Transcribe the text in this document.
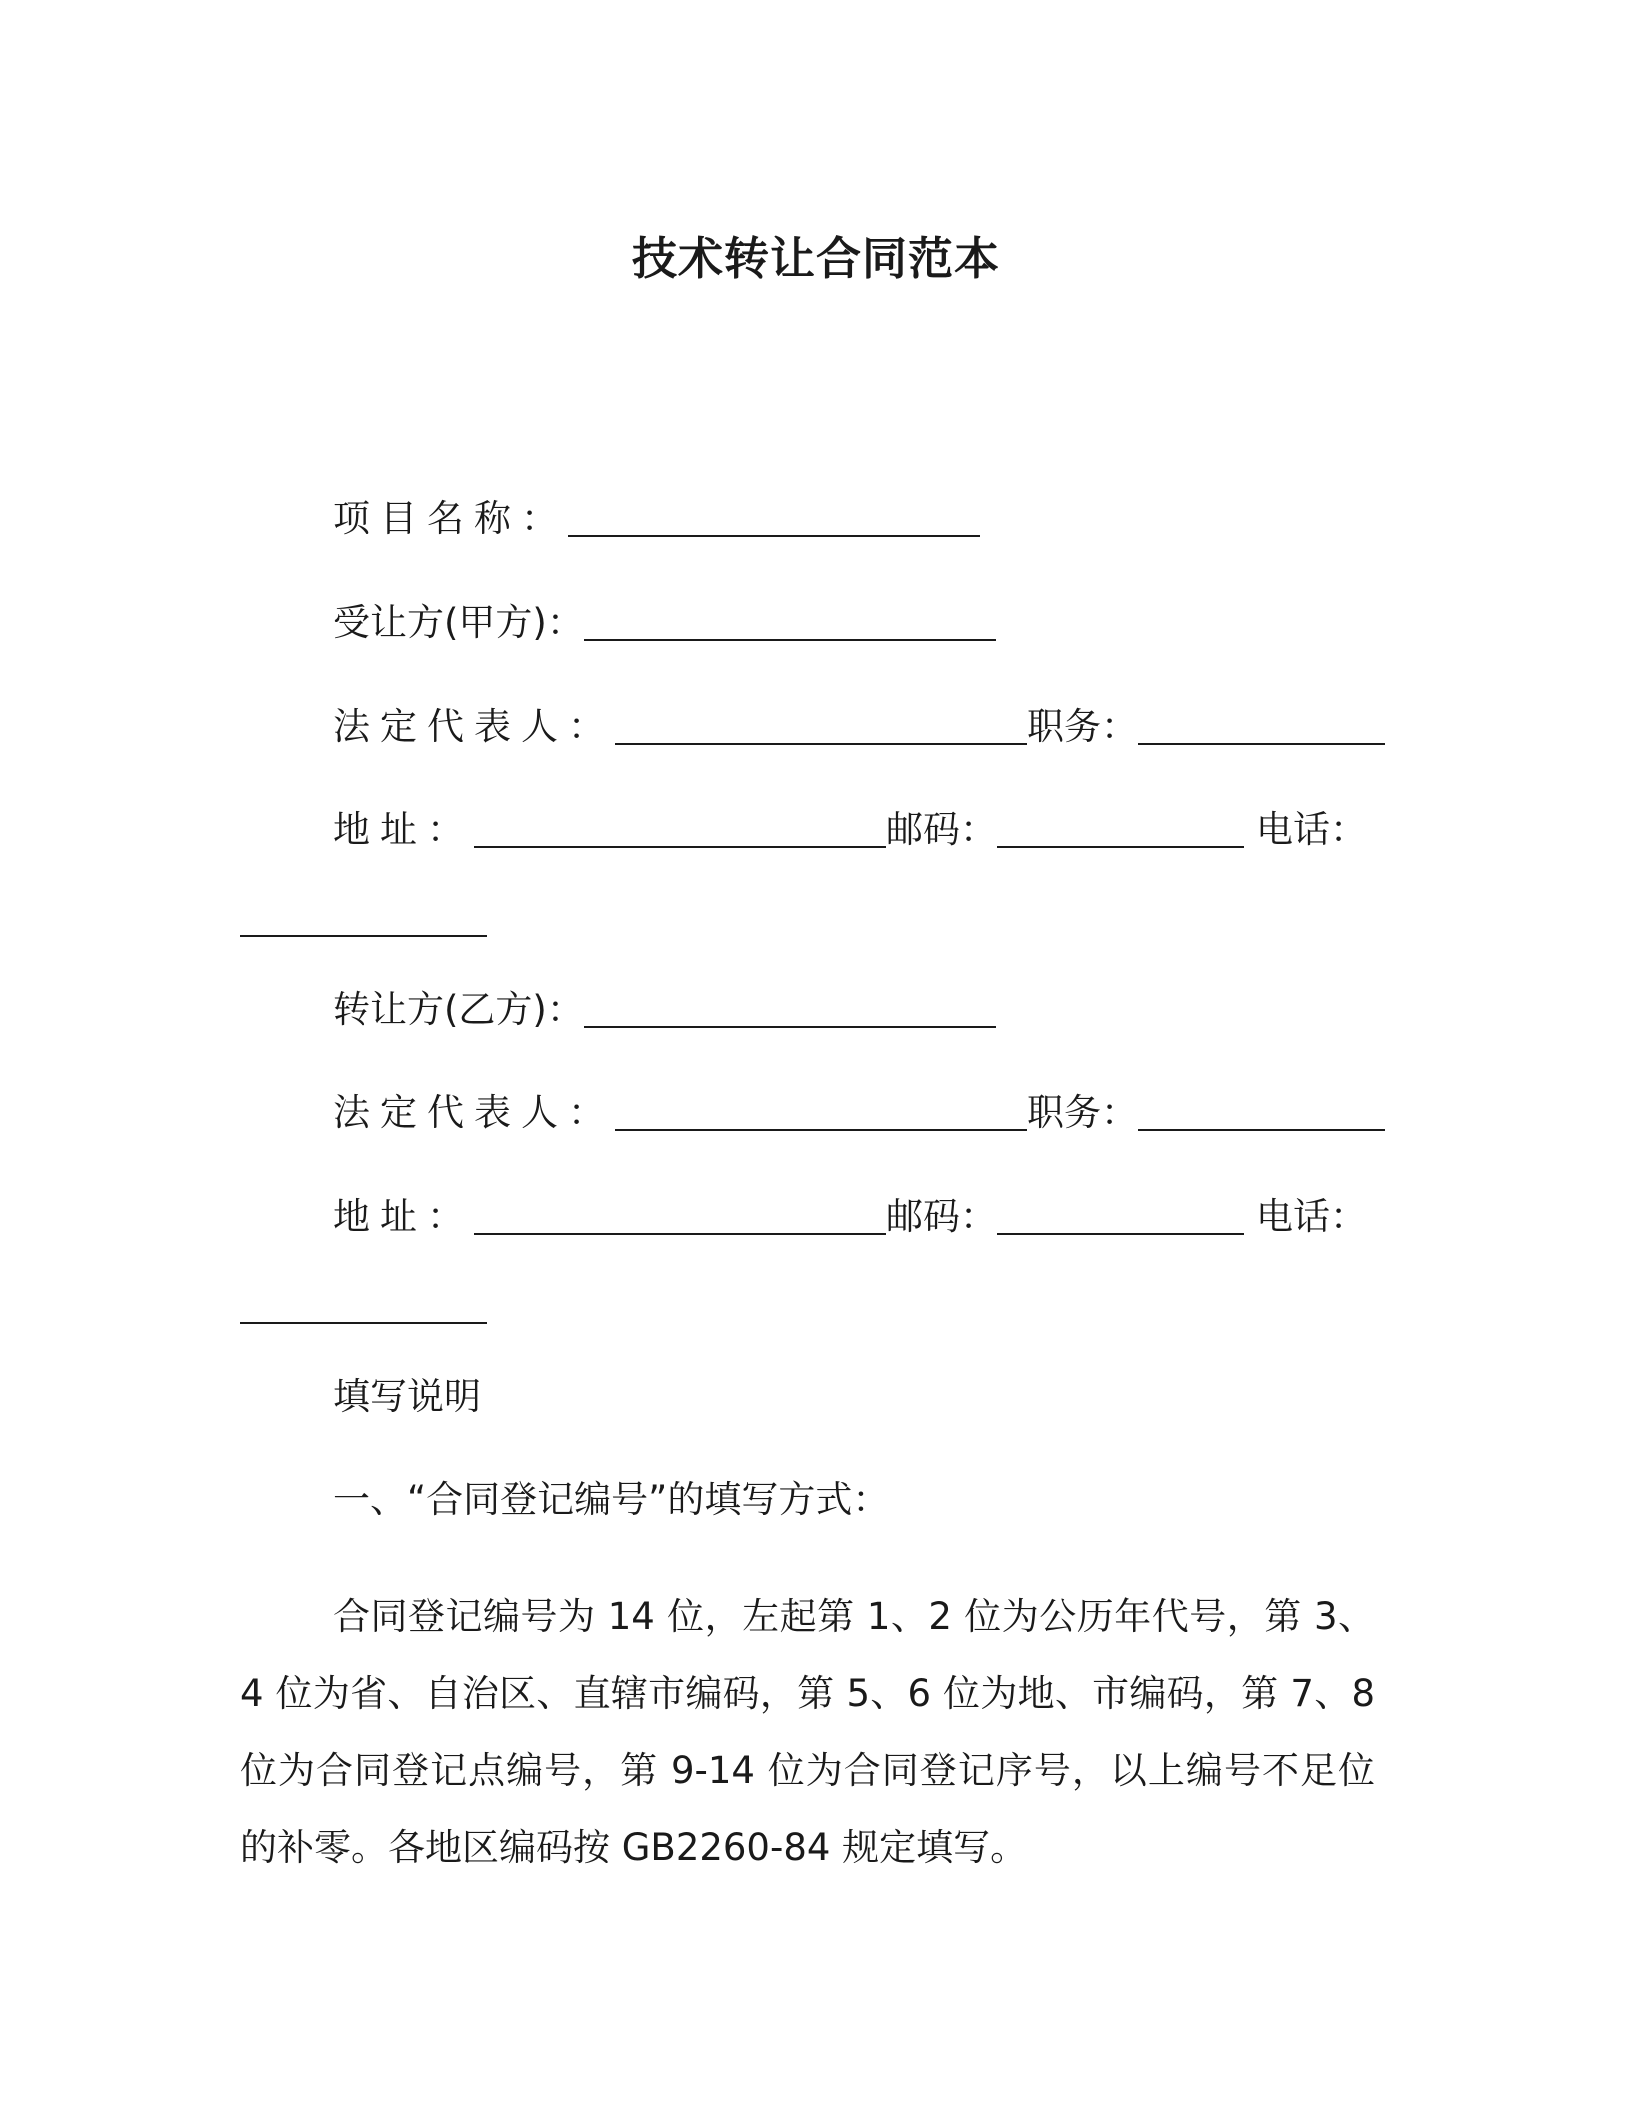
技术转让合同范本
项目名称：
受让方(甲方)：
法定代表人：	职务：
地址：	邮码：	电话：
转让方(乙方)：
法定代表人：	职务：
地址：	邮码：	电话：
填写说明
一、“合同登记编号”的填写方式：
合同登记编号为 14 位，左起第 1、2 位为公历年代号，第 3、4 位为省、自治区、直辖市编码，第 5、6 位为地、市编码，第 7、8 位为合同登记点编号，第 9-14 位为合同登记序号，以上编号不足位的补零。各地区编码按 GB2260-84 规定填写。
